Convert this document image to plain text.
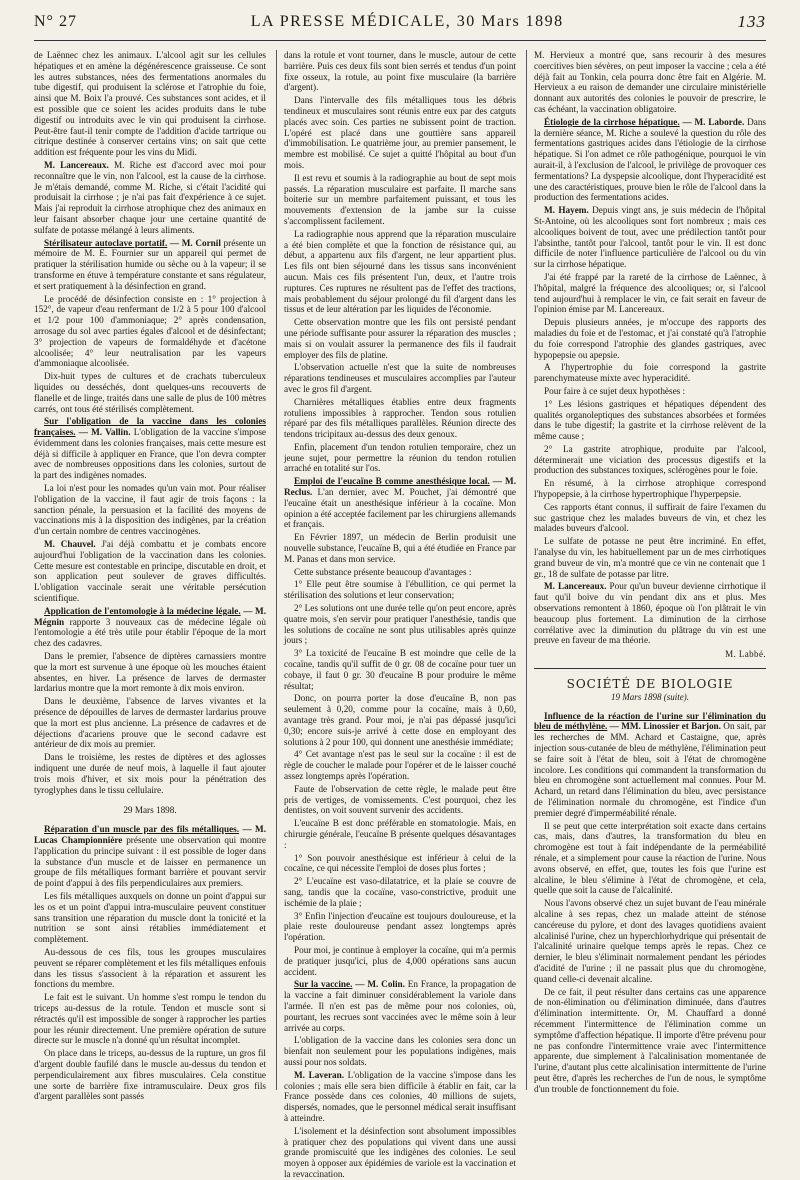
N° 27	LA PRESSE MÉDICALE, 30 Mars 1898	133

de Laënnec chez les animaux. L'alcool agit sur les cellules hépatiques et en amène la dégénérescence graisseuse. Ce sont les autres substances, nées des fermentations anormales du tube digestif, qui produisent la sclérose et l'atrophie du foie, ainsi que M. Boix l'a prouvé. Ces substances sont acides, et il est possible que ce soient les acides produits dans le tube digestif ou introduits avec le vin qui produisent la cirrhose. Peut-être faut-il tenir compte de l'addition d'acide tartrique ou citrique destinée à conserver certains vins; on sait que cette addition est fréquente pour les vins du Midi.

M. Lancereaux. M. Riche est d'accord avec moi pour reconnaître que le vin, non l'alcool, est la cause de la cirrhose. Je m'étais demandé, comme M. Riche, si c'était l'acidité qui produisait la cirrhose ; je n'ai pas fait d'expérience à ce sujet. Mais j'ai reproduit la cirrhose atrophique chez des animaux en leur faisant absorber chaque jour une certaine quantité de sulfate de potasse mélangé à leurs aliments.

Stérilisateur autoclave portatif. — M. Cornil présente un mémoire de M. E. Fournier sur un appareil qui permet de pratiquer la stérilisation humide ou sèche ou à la vapeur; il se transforme en étuve à température constante et sans régulateur, et sert pratiquement à la désinfection en grand.

Le procédé de désinfection consiste en : 1° projection à 152°, de vapeur d'eau renfermant de 1/2 à 5 pour 100 d'alcool et 1/2 pour 100 d'ammoniaque; 2° après condensation, arrosage du sol avec parties égales d'alcool et de désinfectant; 3° projection de vapeurs de formaldéhyde et d'acétone alcoolisée; 4° leur neutralisation par les vapeurs d'ammoniaque alcoolisée.

Dix-huit types de cultures et de crachats tuberculeux liquides ou desséchés, dont quelques-uns recouverts de flanelle et de linge, traités dans une salle de plus de 100 mètres carrés, ont tous été stérilisés complètement.

Sur l'obligation de la vaccine dans les colonies françaises. — M. Vallin. L'obligation de la vaccine s'impose évidemment dans les colonies françaises, mais cette mesure est déjà si difficile à appliquer en France, que l'on devra compter avec de nombreuses oppositions dans les colonies, surtout de la part des indigènes nomades.

La loi n'est pour les nomades qu'un vain mot. Pour réaliser l'obligation de la vaccine, il faut agir de trois façons : la sanction pénale, la persuasion et la facilité des moyens de vaccinations mis à la disposition des indigènes, par la création d'un certain nombre de centres vaccinogènes.

M. Chauvel. J'ai déjà combattu et je combats encore aujourd'hui l'obligation de la vaccination dans les colonies. Cette mesure est contestable en principe, discutable en droit, et son application peut soulever de graves difficultés. L'obligation vaccinale serait une véritable persécution scientifique.

Application de l'entomologie à la médecine légale. — M. Mégnin rapporte 3 nouveaux cas de médecine légale où l'entomologie a été très utile pour établir l'époque de la mort chez des cadavres.

Dans le premier, l'absence de diptères carnassiers montre que la mort est survenue à une époque où les mouches étaient absentes, en hiver. La présence de larves de dermaster lardarius montre que la mort remonte à dix mois environ.

Dans le deuxième, l'absence de larves vivantes et la présence de dépouilles de larves de dermaster lardarius prouve que la mort est plus ancienne. La présence de cadavres et de déjections d'acariens prouve que le second cadavre est antérieur de dix mois au premier.

Dans le troisième, les restes de diptères et des aglosses indiquent une durée de neuf mois, à laquelle il faut ajouter trois mois d'hiver, et six mois pour la pénétration des tyroglyphes dans le tissu cellulaire.

29 Mars 1898.

Réparation d'un muscle par des fils métalliques. — M. Lucas Championnière présente une observation qui montre l'application du principe suivant : il est possible de loger dans la substance d'un muscle et de laisser en permanence un groupe de fils métalliques formant barrière et pouvant servir de point d'appui à des fils perpendiculaires aux premiers.

Les fils métalliques auxquels on donne un point d'appui sur les os et un point d'appui intra-musculaire peuvent constituer sans transition une réparation du muscle dont la tonicité et la nutrition se sont ainsi rétablies immédiatement et complètement.

Au-dessous de ces fils, tous les groupes musculaires peuvent se réparer complètement et les fils métalliques enfouis dans les tissus s'associent à la réparation et assurent les fonctions du membre.

Le fait est le suivant. Un homme s'est rompu le tendon du triceps au-dessus de la rotule. Tendon et muscle sont si rétractés qu'il est impossible de songer à rapprocher les parties pour les réunir directement. Une première opération de suture directe sur le muscle n'a donné qu'un résultat incomplet.

On place dans le triceps, au-dessus de la rupture, un gros fil d'argent double faufilé dans le muscle au-dessus du tendon et perpendiculairement aux fibres musculaires. Cela constitue une sorte de barrière fixe intramusculaire. Deux gros fils d'argent parallèles sont passés

dans la rotule et vont tourner, dans le muscle, autour de cette barrière. Puis ces deux fils sont bien serrés et tendus d'un point fixe osseux, la rotule, au point fixe musculaire (la barrière d'argent).

Dans l'intervalle des fils métalliques tous les débris tendineux et musculaires sont réunis entre eux par des catguts placés avec soin. Ces parties ne subissent point de traction. L'opéré est placé dans une gouttière sans appareil d'immobilisation. Le quatrième jour, au premier pansement, le membre est mobilisé. Ce sujet a quitté l'hôpital au bout d'un mois.

Il est revu et soumis à la radiographie au bout de sept mois passés. La réparation musculaire est parfaite. Il marche sans boiterie sur un membre parfaitement puissant, et tous les mouvements d'extension de la jambe sur la cuisse s'accomplissent facilement.

La radiographie nous apprend que la réparation musculaire a été bien complète et que la fonction de résistance qui, au début, a appartenu aux fils d'argent, ne leur appartient plus. Les fils ont bien séjourné dans les tissus sans inconvénient aucun. Mais ces fils présentent l'un, deux, et l'autre trois ruptures. Ces ruptures ne résultent pas de l'effet des tractions, mais probablement du séjour prolongé du fil d'argent dans les tissus et de leur altération par les liquides de l'économie.

Cette observation montre que les fils ont persisté pendant une période suffisante pour assurer la réparation des muscles ; mais si on voulait assurer la permanence des fils il faudrait employer des fils de platine.

L'observation actuelle n'est que la suite de nombreuses réparations tendineuses et musculaires accomplies par l'auteur avec le gros fil d'argent.

Charnières métalliques établies entre deux fragments rotuliens impossibles à rapprocher. Tendon sous rotulien réparé par des fils métalliques parallèles. Réunion directe des tendons tricipitaux au-dessus des deux genoux.

Enfin, placement d'un tendon rotulien temporaire, chez un jeune sujet, pour permettre la réunion du tendon rotulien arraché en totalité sur l'os.

Emploi de l'eucaïne B comme anesthésique local. — M. Reclus. L'an dernier, avec M. Pouchet, j'ai démontré que l'eucaïne était un anesthésique inférieur à la cocaïne. Mon opinion a été acceptée facilement par les chirurgiens allemands et français.

En Février 1897, un médecin de Berlin produisit une nouvelle substance, l'eucaïne B, qui a été étudiée en France par M. Panas et dans mon service.

Cette substance présente beaucoup d'avantages :

1° Elle peut être soumise à l'ébullition, ce qui permet la stérilisation des solutions et leur conservation;

2° Les solutions ont une durée telle qu'on peut encore, après quatre mois, s'en servir pour pratiquer l'anesthésie, tandis que les solutions de cocaïne ne sont plus utilisables après quinze jours ;

3° La toxicité de l'eucaïne B est moindre que celle de la cocaïne, tandis qu'il suffit de 0 gr. 08 de cocaïne pour tuer un cobaye, il faut 0 gr. 30 d'eucaïne B pour produire le même résultat;

Donc, on pourra porter la dose d'eucaïne B, non pas seulement à 0,20, comme pour la cocaïne, mais à 0,60, avantage très grand. Pour moi, je n'ai pas dépassé jusqu'ici 0,30; encore suis-je arrivé à cette dose en employant des solutions à 2 pour 100, qui donnent une anesthésie immédiate;

4° Cet avantage n'est pas le seul sur la cocaïne : il est de règle de coucher le malade pour l'opérer et de le laisser couché assez longtemps après l'opération.

Faute de l'observation de cette règle, le malade peut être pris de vertiges, de vomissements. C'est pourquoi, chez les dentistes, on voit souvent survenir des accidents.

L'eucaïne B est donc préférable en stomatologie. Mais, en chirurgie générale, l'eucaïne B présente quelques désavantages :

1° Son pouvoir anesthésique est inférieur à celui de la cocaïne, ce qui nécessite l'emploi de doses plus fortes ;

2° L'eucaïne est vaso-dilatatrice, et la plaie se couvre de sang, tandis que la cocaïne, vaso-constrictive, produit une ischémie de la plaie ;

3° Enfin l'injection d'eucaïne est toujours douloureuse, et la plaie reste douloureuse pendant assez longtemps après l'opération.

Pour moi, je continue à employer la cocaïne, qui m'a permis de pratiquer jusqu'ici, plus de 4,000 opérations sans aucun accident.

Sur la vaccine. — M. Colin. En France, la propagation de la vaccine a fait diminuer considérablement la variole dans l'armée. Il n'en est pas de même pour nos colonies, où, pourtant, les recrues sont vaccinées avec le même soin à leur arrivée au corps.

L'obligation de la vaccine dans les colonies sera donc un bienfait non seulement pour les populations indigènes, mais aussi pour nos soldats.

M. Laveran. L'obligation de la vaccine s'impose dans les colonies ; mais elle sera bien difficile à établir en fait, car la France possède dans ces colonies, 40 millions de sujets, dispersés, nomades, que le personnel médical serait insuffisant à atteindre.

L'isolement et la désinfection sont absolument impossibles à pratiquer chez des populations qui vivent dans une aussi grande promiscuité que les indigènes des colonies. Le seul moyen à opposer aux épidémies de variole est la vaccination et la revaccination.

M. Hervieux a montré que, sans recourir à des mesures coercitives bien sévères, on peut imposer la vaccine ; cela a été déjà fait au Tonkin, cela pourra donc être fait en Algérie. M. Hervieux a eu raison de demander une circulaire ministérielle donnant aux autorités des colonies le pouvoir de prescrire, le cas échéant, la vaccination obligatoire.

Étiologie de la cirrhose hépatique. — M. Laborde. Dans la dernière séance, M. Riche a soulevé la question du rôle des fermentations gastriques acides dans l'étiologie de la cirrhose hépatique. Si l'on admet ce rôle pathogénique, pourquoi le vin aurait-il, à l'exclusion de l'alcool, le privilège de provoquer ces fermentations? La dyspepsie alcoolique, dont l'hyperacidité est une des caractéristiques, prouve bien le rôle de l'alcool dans la production des fermentations acides.

M. Hayem. Depuis vingt ans, je suis médecin de l'hôpital St-Antoine, où les alcooliques sont fort nombreux ; mais ces alcooliques boivent de tout, avec une prédilection tantôt pour l'absinthe, tantôt pour l'alcool, tantôt pour le vin. Il est donc difficile de noter l'influence particulière de l'alcool ou du vin sur la cirrhose hépatique.

J'ai été frappé par la rareté de la cirrhose de Laënnec, à l'hôpital, malgré la fréquence des alcooliques; or, si l'alcool tend aujourd'hui à remplacer le vin, ce fait serait en faveur de l'opinion émise par M. Lancereaux.

Depuis plusieurs années, je m'occupe des rapports des maladies du foie et de l'estomac, et j'ai constaté qu'à l'atrophie du foie correspond l'atrophie des glandes gastriques, avec hypopepsie ou apepsie.

A l'hypertrophie du foie correspond la gastrite parenchymateuse mixte avec hyperacidité.

Pour faire à ce sujet deux hypothèses :

1° Les lésions gastriques et hépatiques dépendent des qualités organoleptiques des substances absorbées et formées dans le tube digestif; la gastrite et la cirrhose relèvent de la même cause ;

2° La gastrite atrophique, produite par l'alcool, déterminerait une viciation des processus digestifs et la production des substances toxiques, sclérogènes pour le foie.

En résumé, à la cirrhose atrophique correspond l'hypopepsie, à la cirrhose hypertrophique l'hyperpepsie.

Ces rapports étant connus, il suffirait de faire l'examen du suc gastrique chez les malades buveurs de vin, et chez les malades buveurs d'alcool.

Le sulfate de potasse ne peut être incriminé. En effet, l'analyse du vin, les habituellement par un de mes cirrhotiques grand buveur de vin, m'a montré que ce vin ne contenait que 1 gr., 18 de sulfate de potasse par litre.

M. Lancereaux. Pour qu'un buveur devienne cirrhotique il faut qu'il boive du vin pendant dix ans et plus. Mes observations remontent à 1860, époque où l'on plâtrait le vin beaucoup plus fortement. La diminution de la cirrhose corrélative avec la diminution du plâtrage du vin est une preuve en faveur de ma théorie.

M. Labbé.

SOCIÉTÉ DE BIOLOGIE

19 Mars 1898 (suite).

Influence de la réaction de l'urine sur l'élimination du bleu de méthylène. — MM. Linossier et Barjon. On sait, par les recherches de MM. Achard et Castaigne, que, après injection sous-cutanée de bleu de méthylène, l'élimination peut se faire soit à l'état de bleu, soit à l'état de chromogène incolore. Les conditions qui commandent la transformation du bleu en chromogène sont actuellement mal connues. Pour M. Achard, un retard dans l'élimination du bleu, avec persistance de l'élimination normale du chromogène, est l'indice d'un premier degré d'imperméabilité rénale.

Il se peut que cette interprétation soit exacte dans certains cas, mais, dans d'autres, la transformation du bleu en chromogène est tout à fait indépendante de la perméabilité rénale, et a simplement pour cause la réaction de l'urine. Nous avons observé, en effet, que, toutes les fois que l'urine est alcaline, le bleu s'élimine à l'état de chromogène, et cela, quelle que soit la cause de l'alcalinité.

Nous l'avons observé chez un sujet buvant de l'eau minérale alcaline à ses repas, chez un malade atteint de sténose cancéreuse du pylore, et dont des lavages quotidiens avaient alcalinisé l'urine, chez un hyperchlorhydrique qui présentait de l'alcalinité urinaire quelque temps après le repas. Chez ce dernier, le bleu s'éliminait normalement pendant les périodes d'acidité de l'urine ; il ne passait plus que du chromogène, quand celle-ci devenait alcaline.

De ce fait, il peut résulter dans certains cas une apparence de non-élimination ou d'élimination diminuée, dans d'autres d'élimination intermittente. Or, M. Chauffard a donné récemment l'intermittence de l'élimination comme un symptôme d'affection hépatique. Il importe d'être prévenu pour ne pas confondre l'intermittence vraie avec l'intermittence apparente, due simplement à l'alcalinisation momentanée de l'urine, d'autant plus cette alcalinisation intermittente de l'urine peut être, d'après les recherches de l'un de nous, le symptôme d'un trouble de fonctionnement du foie.
